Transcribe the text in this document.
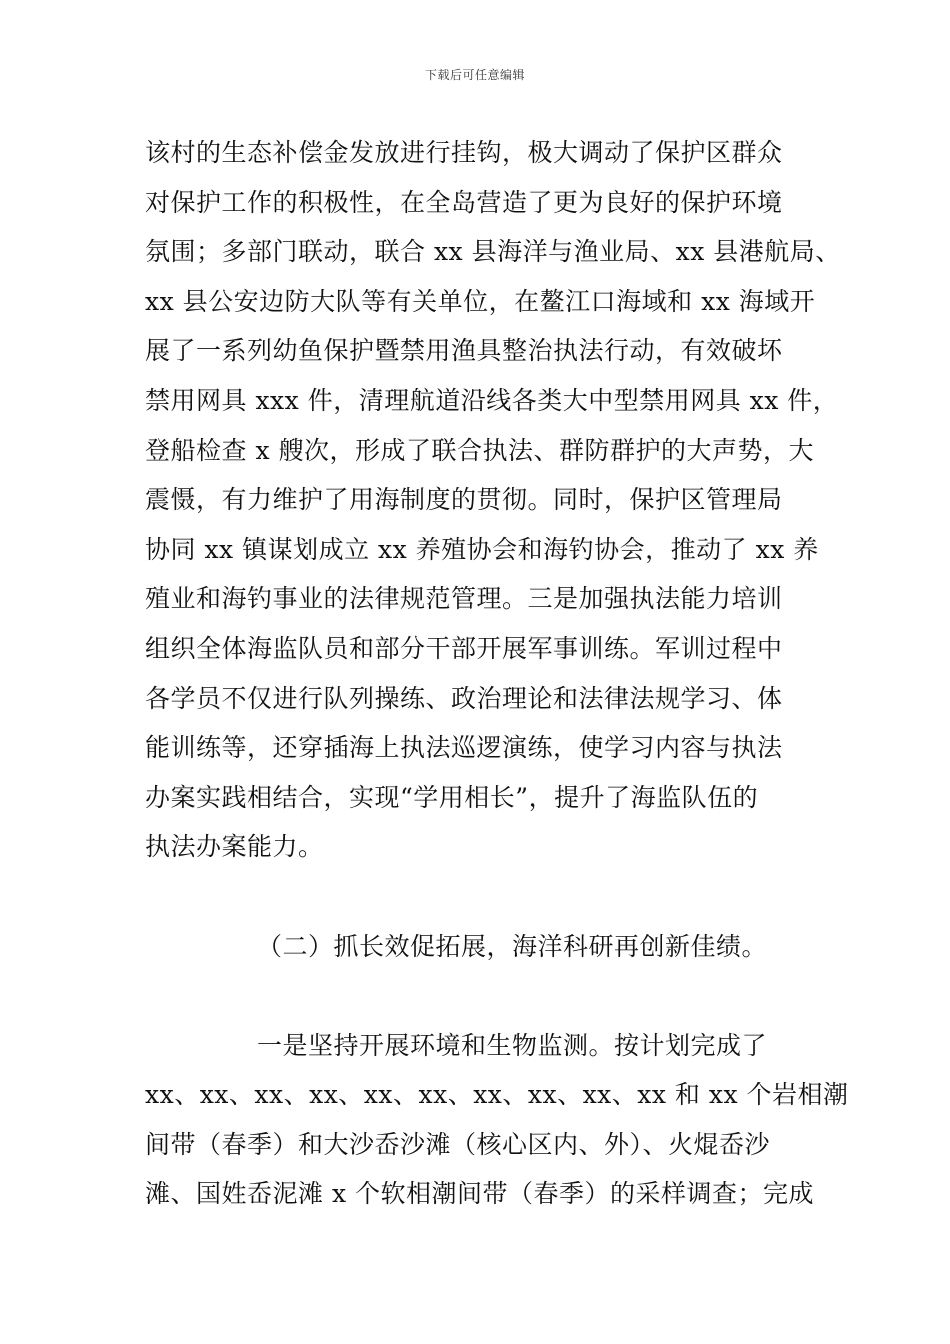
下载后可任意编辑
该村的生态补偿金发放进行挂钩，极大调动了保护区群众
对保护工作的积极性，在全岛营造了更为良好的保护环境
氛围；多部门联动，联合 xx 县海洋与渔业局、xx 县港航局、
xx 县公安边防大队等有关单位，在鳌江口海域和 xx 海域开
展了一系列幼鱼保护暨禁用渔具整治执法行动，有效破坏
禁用网具 xxx 件，清理航道沿线各类大中型禁用网具 xx 件，
登船检查 x 艘次，形成了联合执法、群防群护的大声势，大
震慑，有力维护了用海制度的贯彻。同时，保护区管理局
协同 xx 镇谋划成立 xx 养殖协会和海钓协会，推动了 xx 养
殖业和海钓事业的法律规范管理。三是加强执法能力培训
组织全体海监队员和部分干部开展军事训练。军训过程中
各学员不仅进行队列操练、政治理论和法律法规学习、体
能训练等，还穿插海上执法巡逻演练，使学习内容与执法
办案实践相结合，实现“学用相长”，提升了海监队伍的
执法办案能力。
（二）抓长效促拓展，海洋科研再创新佳绩。
一是坚持开展环境和生物监测。按计划完成了
xx、xx、xx、xx、xx、xx、xx、xx、xx、xx 和 xx 个岩相潮
间带（春季）和大沙岙沙滩（核心区内、外）、火焜岙沙
滩、国姓岙泥滩 x 个软相潮间带（春季）的采样调查；完成
